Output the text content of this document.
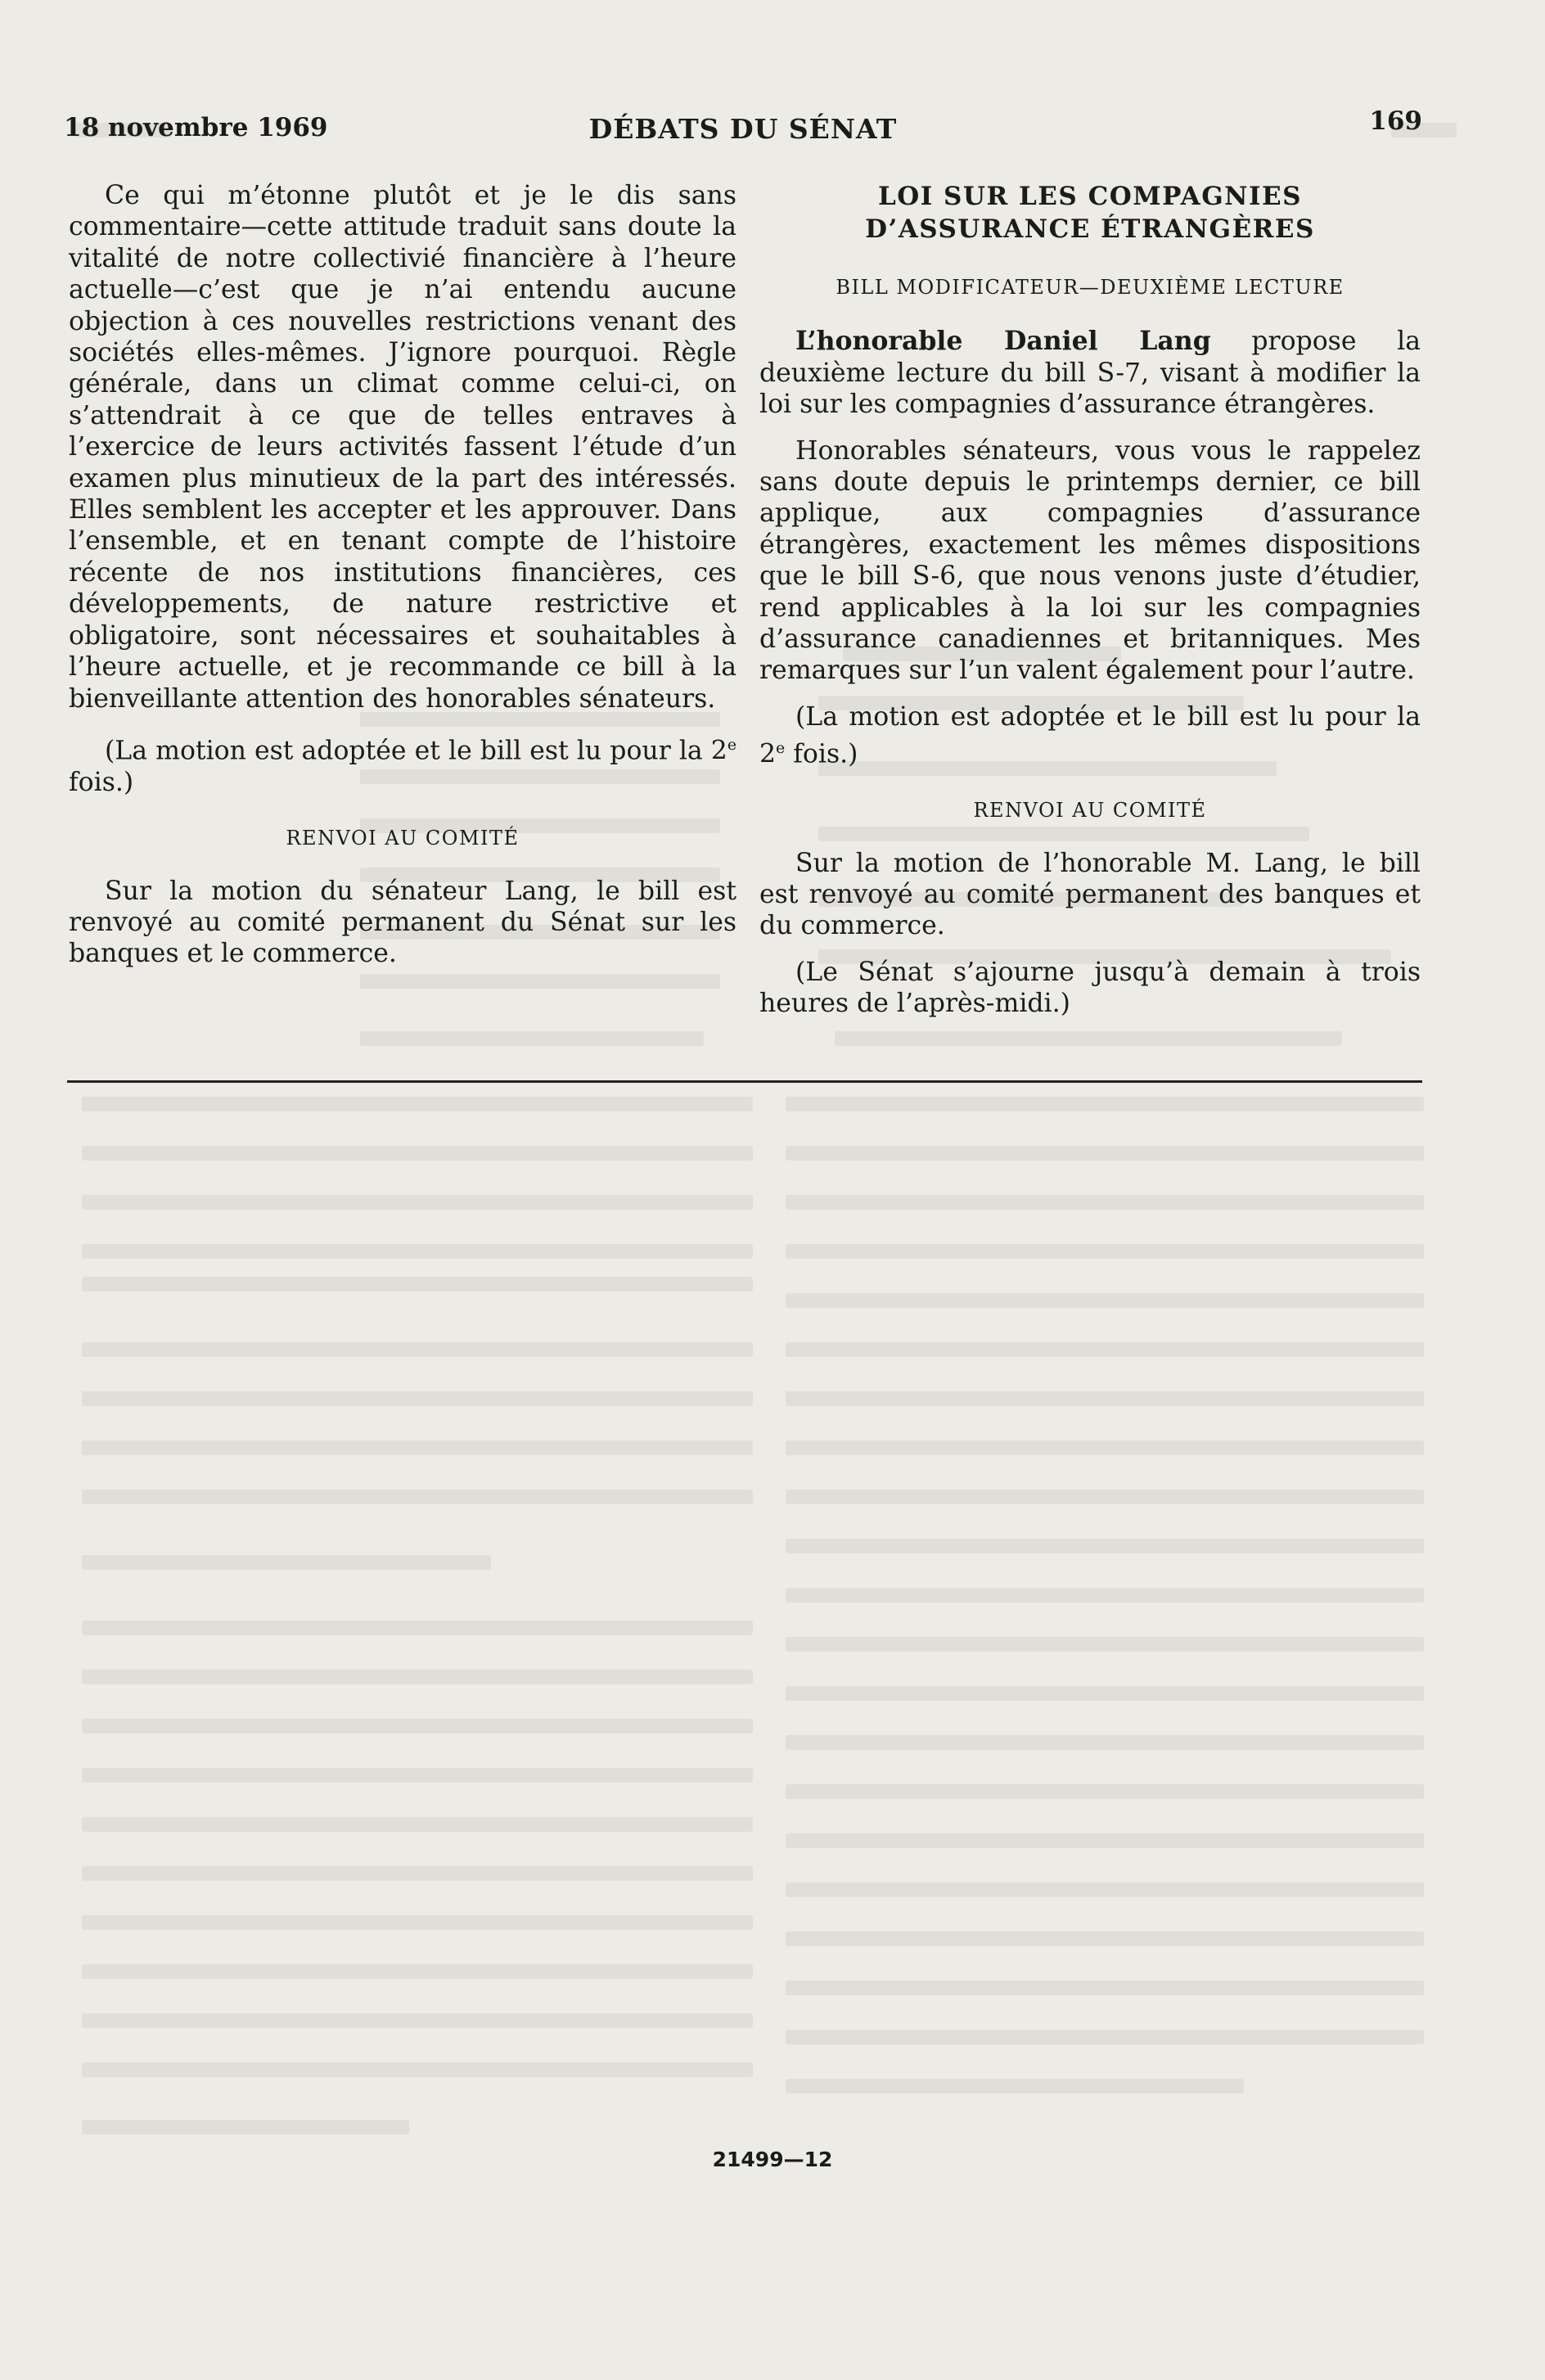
18 novembre 1969	DÉBATS DU SÉNAT	169

Ce qui m’étonne plutôt et je le dis sans commentaire—cette attitude traduit sans doute la vitalité de notre collectivié financière à l’heure actuelle—c’est que je n’ai entendu aucune objection à ces nouvelles restrictions venant des sociétés elles-mêmes. J’ignore pourquoi. Règle générale, dans un climat comme celui-ci, on s’attendrait à ce que de telles entraves à l’exercice de leurs activités fassent l’étude d’un examen plus minutieux de la part des intéressés. Elles semblent les accepter et les approuver. Dans l’ensemble, et en tenant compte de l’histoire récente de nos institutions financières, ces développements, de nature restrictive et obligatoire, sont nécessaires et souhaitables à l’heure actuelle, et je recommande ce bill à la bienveillante attention des honorables sénateurs.

(La motion est adoptée et le bill est lu pour la 2e fois.)

RENVOI AU COMITÉ

Sur la motion du sénateur Lang, le bill est renvoyé au comité permanent du Sénat sur les banques et le commerce.

LOI SUR LES COMPAGNIES
D’ASSURANCE ÉTRANGÈRES
BILL MODIFICATEUR—DEUXIÈME LECTURE

L’honorable Daniel Lang propose la deuxième lecture du bill S-7, visant à modifier la loi sur les compagnies d’assurance étrangères.

Honorables sénateurs, vous vous le rappelez sans doute depuis le printemps dernier, ce bill applique, aux compagnies d’assurance étrangères, exactement les mêmes dispositions que le bill S-6, que nous venons juste d’étudier, rend applicables à la loi sur les compagnies d’assurance canadiennes et britanniques. Mes remarques sur l’un valent également pour l’autre.

(La motion est adoptée et le bill est lu pour la 2e fois.)

RENVOI AU COMITÉ

Sur la motion de l’honorable M. Lang, le bill est renvoyé au comité permanent des banques et du commerce.

(Le Sénat s’ajourne jusqu’à demain à trois heures de l’après-midi.)

21499—12
